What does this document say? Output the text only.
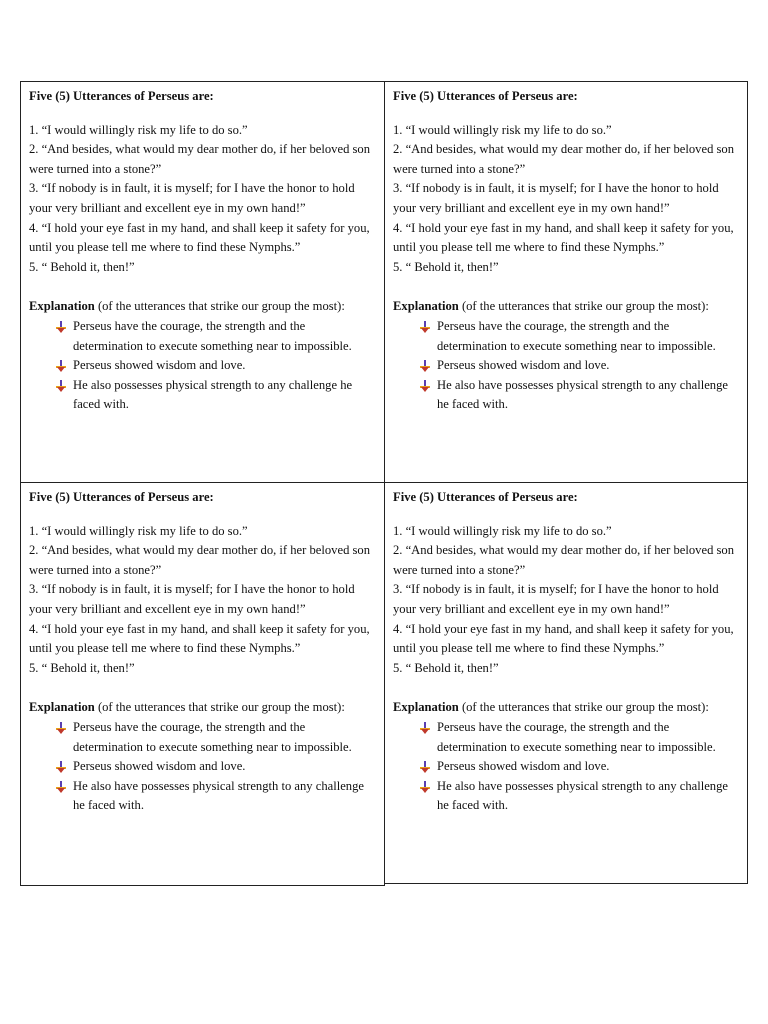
Five (5) Utterances of Perseus are:

1. “I would willingly risk my life to do so.”

2. “And besides, what would my dear mother do, if her beloved son were turned into a stone?”

3. “If nobody is in fault, it is myself; for I have the honor to hold your very brilliant and excellent eye in my own hand!”

4. “I hold your eye fast in my hand, and shall keep it safety for you, until you please tell me where to find these Nymphs.”

5. “ Behold it, then!”

Explanation (of the utterances that strike our group the most):
Perseus have the courage, the strength and the determination to execute something near to impossible.
Perseus showed wisdom and love.
He also possesses physical strength to any challenge he faced with.

Five (5) Utterances of Perseus are:

1. “I would willingly risk my life to do so.”

2. “And besides, what would my dear mother do, if her beloved son were turned into a stone?”

3. “If nobody is in fault, it is myself; for I have the honor to hold your very brilliant and excellent eye in my own hand!”

4. “I hold your eye fast in my hand, and shall keep it safety for you, until you please tell me where to find these Nymphs.”

5. “ Behold it, then!”

Explanation (of the utterances that strike our group the most):
Perseus have the courage, the strength and the determination to execute something near to impossible.
Perseus showed wisdom and love.
He also have possesses physical strength to any challenge he faced with.

Five (5) Utterances of Perseus are:

1. “I would willingly risk my life to do so.”

2. “And besides, what would my dear mother do, if her beloved son were turned into a stone?”

3. “If nobody is in fault, it is myself; for I have the honor to hold your very brilliant and excellent eye in my own hand!”

4. “I hold your eye fast in my hand, and shall keep it safety for you, until you please tell me where to find these Nymphs.”

5. “ Behold it, then!”

Explanation (of the utterances that strike our group the most):
Perseus have the courage, the strength and the determination to execute something near to impossible.
Perseus showed wisdom and love.
He also have possesses physical strength to any challenge he faced with.

Five (5) Utterances of Perseus are:

1. “I would willingly risk my life to do so.”

2. “And besides, what would my dear mother do, if her beloved son were turned into a stone?”

3. “If nobody is in fault, it is myself; for I have the honor to hold your very brilliant and excellent eye in my own hand!”

4. “I hold your eye fast in my hand, and shall keep it safety for you, until you please tell me where to find these Nymphs.”

5. “ Behold it, then!”

Explanation (of the utterances that strike our group the most):
Perseus have the courage, the strength and the determination to execute something near to impossible.
Perseus showed wisdom and love.
He also have possesses physical strength to any challenge he faced with.
